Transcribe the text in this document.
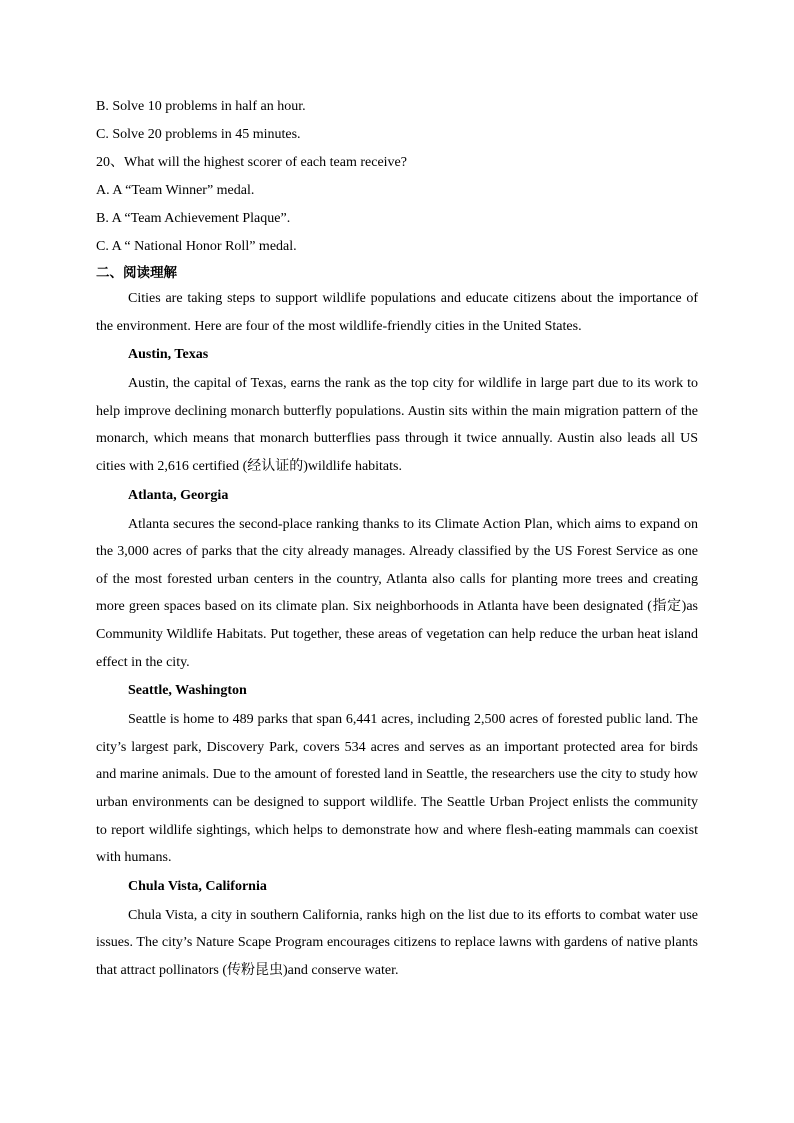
B. Solve 10 problems in half an hour.
C. Solve 20 problems in 45 minutes.
20、What will the highest scorer of each team receive?
A. A “Team Winner” medal.
B. A “Team Achievement Plaque”.
C. A “ National Honor Roll” medal.
二、阅读理解

Cities are taking steps to support wildlife populations and educate citizens about the importance of the environment. Here are four of the most wildlife-friendly cities in the United States.

Austin, Texas

Austin, the capital of Texas, earns the rank as the top city for wildlife in large part due to its work to help improve declining monarch butterfly populations. Austin sits within the main migration pattern of the monarch, which means that monarch butterflies pass through it twice annually. Austin also leads all US cities with 2,616 certified (经认证的)wildlife habitats.

Atlanta, Georgia

Atlanta secures the second-place ranking thanks to its Climate Action Plan, which aims to expand on the 3,000 acres of parks that the city already manages. Already classified by the US Forest Service as one of the most forested urban centers in the country, Atlanta also calls for planting more trees and creating more green spaces based on its climate plan. Six neighborhoods in Atlanta have been designated (指定)as Community Wildlife Habitats. Put together, these areas of vegetation can help reduce the urban heat island effect in the city.

Seattle, Washington

Seattle is home to 489 parks that span 6,441 acres, including 2,500 acres of forested public land. The city’s largest park, Discovery Park, covers 534 acres and serves as an important protected area for birds and marine animals. Due to the amount of forested land in Seattle, the researchers use the city to study how urban environments can be designed to support wildlife. The Seattle Urban Project enlists the community to report wildlife sightings, which helps to demonstrate how and where flesh-eating mammals can coexist with humans.

Chula Vista, California

Chula Vista, a city in southern California, ranks high on the list due to its efforts to combat water use issues. The city’s Nature Scape Program encourages citizens to replace lawns with gardens of native plants that attract pollinators (传粉昆虫)and conserve water.
